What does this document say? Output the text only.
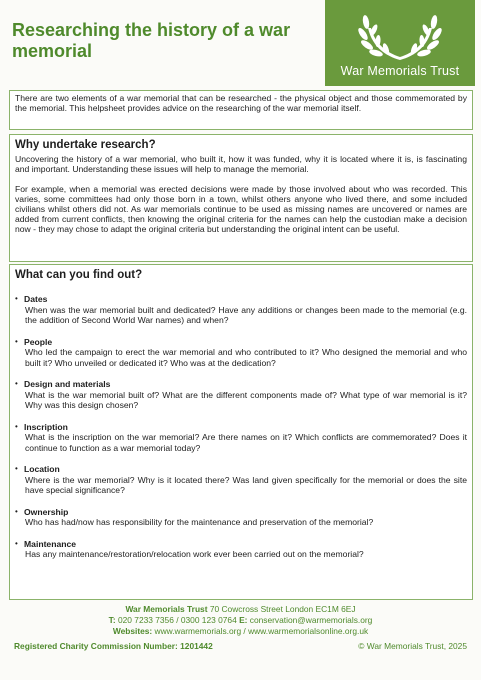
Researching the history of a war memorial
War Memorials Trust
There are two elements of a war memorial that can be researched - the physical object and those commemorated by the memorial. This helpsheet provides advice on the researching of the war memorial itself.
Why undertake research?
Uncovering the history of a war memorial, who built it, how it was funded, why it is located where it is, is fascinating and important. Understanding these issues will help to manage the memorial.
For example, when a memorial was erected decisions were made by those involved about who was recorded. This varies, some committees had only those born in a town, whilst others anyone who lived there, and some included civilians whilst others did not. As war memorials continue to be used as missing names are uncovered or names are added from current conflicts, then knowing the original criteria for the names can help the custodian make a decision now - they may chose to adapt the original criteria but understanding the original intent can be useful.
What can you find out?
• Dates
When was the war memorial built and dedicated? Have any additions or changes been made to the memorial (e.g. the addition of Second World War names) and when?
• People
Who led the campaign to erect the war memorial and who contributed to it? Who designed the memorial and who built it? Who unveiled or dedicated it? Who was at the dedication?
• Design and materials
What is the war memorial built of? What are the different components made of? What type of war memorial is it? Why was this design chosen?
• Inscription
What is the inscription on the war memorial? Are there names on it? Which conflicts are commemorated? Does it continue to function as a war memorial today?
• Location
Where is the war memorial? Why is it located there? Was land given specifically for the memorial or does the site have special significance?
• Ownership
Who has had/now has responsibility for the maintenance and preservation of the memorial?
• Maintenance
Has any maintenance/restoration/relocation work ever been carried out on the memorial?
War Memorials Trust 70 Cowcross Street London EC1M 6EJ
T: 020 7233 7356 / 0300 123 0764 E: conservation@warmemorials.org
Websites: www.warmemorials.org / www.warmemorialsonline.org.uk
Registered Charity Commission Number: 1201442	© War Memorials Trust, 2025
